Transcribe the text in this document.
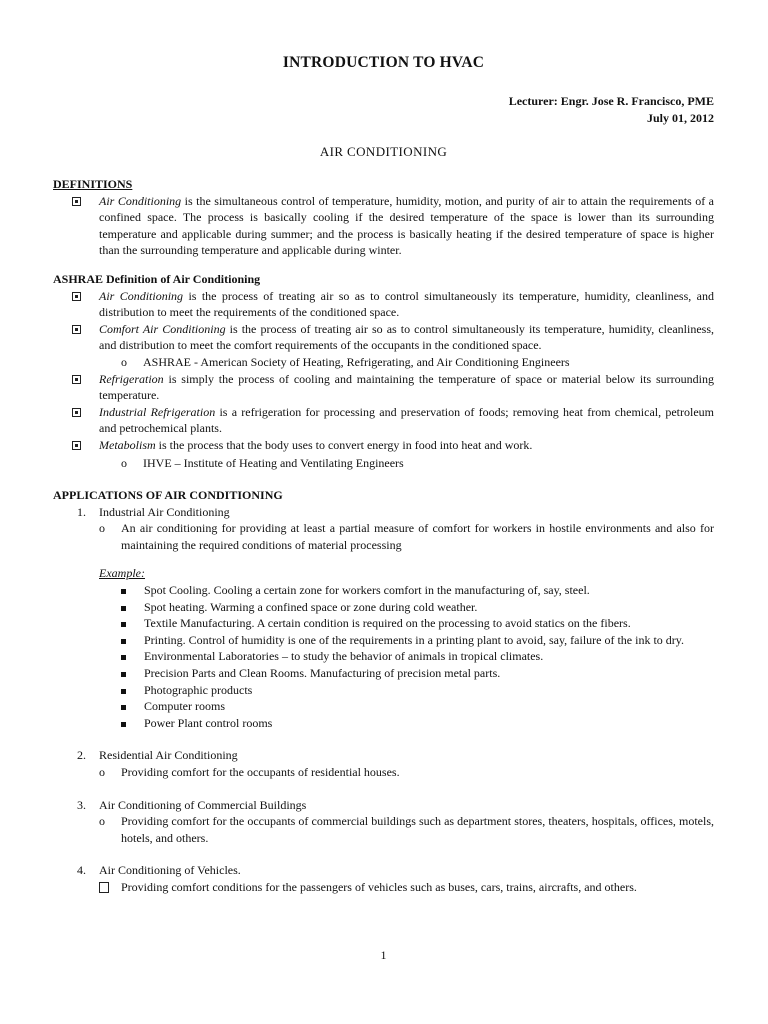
INTRODUCTION TO HVAC
Lecturer: Engr. Jose R. Francisco, PME
July 01, 2012
AIR CONDITIONING
DEFINITIONS
Air Conditioning is the simultaneous control of temperature, humidity, motion, and purity of air to attain the requirements of a confined space. The process is basically cooling if the desired temperature of the space is lower than its surrounding temperature and applicable during summer; and the process is basically heating if the desired temperature of space is higher than the surrounding temperature and applicable during winter.
ASHRAE Definition of Air Conditioning
Air Conditioning is the process of treating air so as to control simultaneously its temperature, humidity, cleanliness, and distribution to meet the requirements of the conditioned space.
Comfort Air Conditioning is the process of treating air so as to control simultaneously its temperature, humidity, cleanliness, and distribution to meet the comfort requirements of the occupants in the conditioned space.
o	ASHRAE - American Society of Heating, Refrigerating, and Air Conditioning Engineers
Refrigeration is simply the process of cooling and maintaining the temperature of space or material below its surrounding temperature.
Industrial Refrigeration is a refrigeration for processing and preservation of foods; removing heat from chemical, petroleum and petrochemical plants.
Metabolism is the process that the body uses to convert energy in food into heat and work.
o	IHVE – Institute of Heating and Ventilating Engineers
APPLICATIONS OF AIR CONDITIONING
1.	Industrial Air Conditioning
o	An air conditioning for providing at least a partial measure of comfort for workers in hostile environments and also for maintaining the required conditions of material processing
Example:
Spot Cooling. Cooling a certain zone for workers comfort in the manufacturing of, say, steel.
Spot heating. Warming a confined space or zone during cold weather.
Textile Manufacturing. A certain condition is required on the processing to avoid statics on the fibers.
Printing. Control of humidity is one of the requirements in a printing plant to avoid, say, failure of the ink to dry.
Environmental Laboratories – to study the behavior of animals in tropical climates.
Precision Parts and Clean Rooms. Manufacturing of precision metal parts.
Photographic products
Computer rooms
Power Plant control rooms
2.	Residential Air Conditioning
o	Providing comfort for the occupants of residential houses.
3.	Air Conditioning of Commercial Buildings
o	Providing comfort for the occupants of commercial buildings such as department stores, theaters, hospitals, offices, motels, hotels, and others.
4.	Air Conditioning of Vehicles.
Providing comfort conditions for the passengers of vehicles such as buses, cars, trains, aircrafts, and others.
1
